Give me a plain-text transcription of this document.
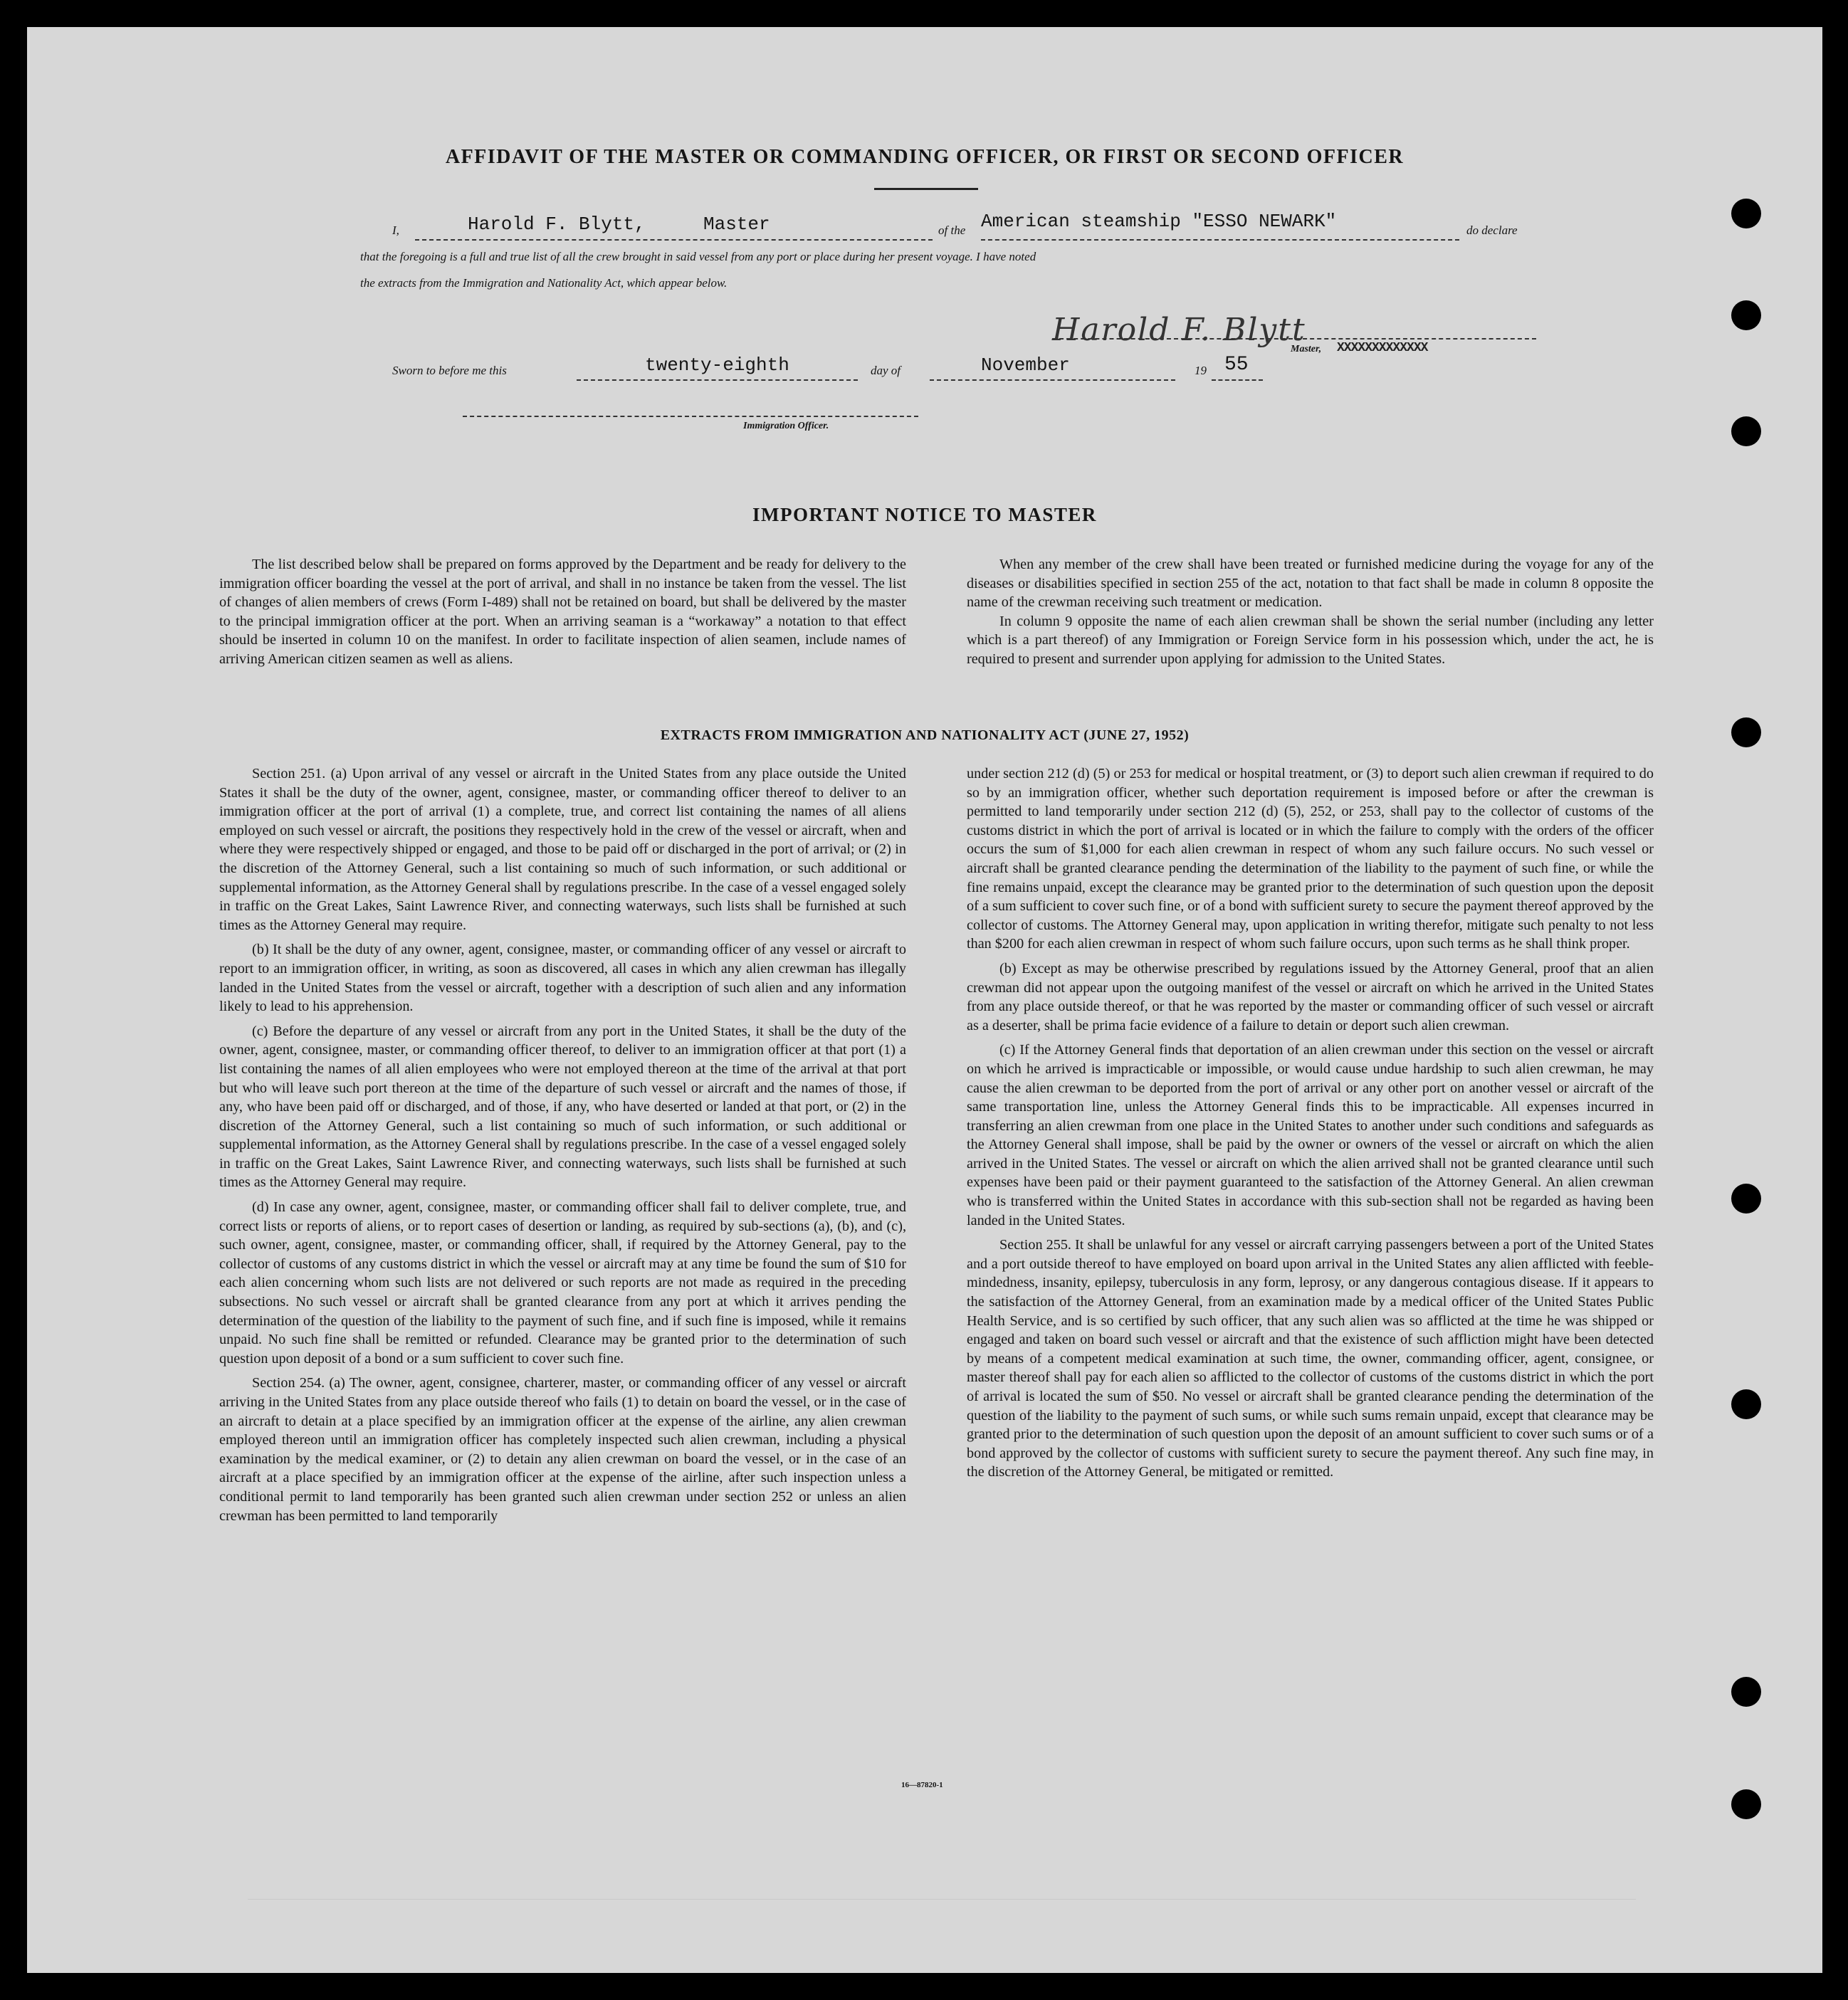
AFFIDAVIT OF THE MASTER OR COMMANDING OFFICER, OR FIRST OR SECOND OFFICER
I,	Harold F. Blytt,	Master	of the American steamship "ESSO NEWARK"	do declare
that the foregoing is a full and true list of all the crew brought in said vessel from any port or place during her present voyage. I have noted
the extracts from the Immigration and Nationality Act, which appear below.
Harold F. Blytt
Master, XXXXXXXXXXXXX
Sworn to before me this	twenty-eighth	day of	November	19 55
Immigration Officer.
IMPORTANT NOTICE TO MASTER

The list described below shall be prepared on forms approved by the Department and be ready for delivery to the immigration officer boarding the vessel at the port of arrival, and shall in no instance be taken from the vessel. The list of changes of alien members of crews (Form I-489) shall not be retained on board, but shall be delivered by the master to the principal immigration officer at the port. When an arriving seaman is a “workaway” a notation to that effect should be inserted in column 10 on the manifest. In order to facilitate inspection of alien seamen, include names of arriving American citizen seamen as well as aliens.

When any member of the crew shall have been treated or furnished medicine during the voyage for any of the diseases or disabilities specified in section 255 of the act, notation to that fact shall be made in column 8 opposite the name of the crewman receiving such treatment or medication.

In column 9 opposite the name of each alien crewman shall be shown the serial number (including any letter which is a part thereof) of any Immigration or Foreign Service form in his possession which, under the act, he is required to present and surrender upon applying for admission to the United States.

EXTRACTS FROM IMMIGRATION AND NATIONALITY ACT (JUNE 27, 1952)

Section 251. (a) Upon arrival of any vessel or aircraft in the United States from any place outside the United States it shall be the duty of the owner, agent, consignee, master, or commanding officer thereof to deliver to an immigration officer at the port of arrival (1) a complete, true, and correct list containing the names of all aliens employed on such vessel or aircraft, the positions they respectively hold in the crew of the vessel or aircraft, when and where they were respectively shipped or engaged, and those to be paid off or discharged in the port of arrival; or (2) in the discretion of the Attorney General, such a list containing so much of such information, or such additional or supplemental information, as the Attorney General shall by regulations prescribe. In the case of a vessel engaged solely in traffic on the Great Lakes, Saint Lawrence River, and connecting waterways, such lists shall be furnished at such times as the Attorney General may require.

(b) It shall be the duty of any owner, agent, consignee, master, or commanding officer of any vessel or aircraft to report to an immigration officer, in writing, as soon as discovered, all cases in which any alien crewman has illegally landed in the United States from the vessel or aircraft, together with a description of such alien and any information likely to lead to his apprehension.

(c) Before the departure of any vessel or aircraft from any port in the United States, it shall be the duty of the owner, agent, consignee, master, or commanding officer thereof, to deliver to an immigration officer at that port (1) a list containing the names of all alien employees who were not employed thereon at the time of the arrival at that port but who will leave such port thereon at the time of the departure of such vessel or aircraft and the names of those, if any, who have been paid off or discharged, and of those, if any, who have deserted or landed at that port, or (2) in the discretion of the Attorney General, such a list containing so much of such information, or such additional or supplemental information, as the Attorney General shall by regulations prescribe. In the case of a vessel engaged solely in traffic on the Great Lakes, Saint Lawrence River, and connecting waterways, such lists shall be furnished at such times as the Attorney General may require.

(d) In case any owner, agent, consignee, master, or commanding officer shall fail to deliver complete, true, and correct lists or reports of aliens, or to report cases of desertion or landing, as required by sub-sections (a), (b), and (c), such owner, agent, consignee, master, or commanding officer, shall, if required by the Attorney General, pay to the collector of customs of any customs district in which the vessel or aircraft may at any time be found the sum of $10 for each alien concerning whom such lists are not delivered or such reports are not made as required in the preceding subsections. No such vessel or aircraft shall be granted clearance from any port at which it arrives pending the determination of the question of the liability to the payment of such fine, and if such fine is imposed, while it remains unpaid. No such fine shall be remitted or refunded. Clearance may be granted prior to the determination of such question upon deposit of a bond or a sum sufficient to cover such fine.

Section 254. (a) The owner, agent, consignee, charterer, master, or commanding officer of any vessel or aircraft arriving in the United States from any place outside thereof who fails (1) to detain on board the vessel, or in the case of an aircraft to detain at a place specified by an immigration officer at the expense of the airline, any alien crewman employed thereon until an immigration officer has completely inspected such alien crewman, including a physical examination by the medical examiner, or (2) to detain any alien crewman on board the vessel, or in the case of an aircraft at a place specified by an immigration officer at the expense of the airline, after such inspection unless a conditional permit to land temporarily has been granted such alien crewman under section 252 or unless an alien crewman has been permitted to land temporarily

under section 212 (d) (5) or 253 for medical or hospital treatment, or (3) to deport such alien crewman if required to do so by an immigration officer, whether such deportation requirement is imposed before or after the crewman is permitted to land temporarily under section 212 (d) (5), 252, or 253, shall pay to the collector of customs of the customs district in which the port of arrival is located or in which the failure to comply with the orders of the officer occurs the sum of $1,000 for each alien crewman in respect of whom any such failure occurs. No such vessel or aircraft shall be granted clearance pending the determination of the liability to the payment of such fine, or while the fine remains unpaid, except the clearance may be granted prior to the determination of such question upon the deposit of a sum sufficient to cover such fine, or of a bond with sufficient surety to secure the payment thereof approved by the collector of customs. The Attorney General may, upon application in writing therefor, mitigate such penalty to not less than $200 for each alien crewman in respect of whom such failure occurs, upon such terms as he shall think proper.

(b) Except as may be otherwise prescribed by regulations issued by the Attorney General, proof that an alien crewman did not appear upon the outgoing manifest of the vessel or aircraft on which he arrived in the United States from any place outside thereof, or that he was reported by the master or commanding officer of such vessel or aircraft as a deserter, shall be prima facie evidence of a failure to detain or deport such alien crewman.

(c) If the Attorney General finds that deportation of an alien crewman under this section on the vessel or aircraft on which he arrived is impracticable or impossible, or would cause undue hardship to such alien crewman, he may cause the alien crewman to be deported from the port of arrival or any other port on another vessel or aircraft of the same transportation line, unless the Attorney General finds this to be impracticable. All expenses incurred in transferring an alien crewman from one place in the United States to another under such conditions and safeguards as the Attorney General shall impose, shall be paid by the owner or owners of the vessel or aircraft on which the alien arrived in the United States. The vessel or aircraft on which the alien arrived shall not be granted clearance until such expenses have been paid or their payment guaranteed to the satisfaction of the Attorney General. An alien crewman who is transferred within the United States in accordance with this sub-section shall not be regarded as having been landed in the United States.

Section 255. It shall be unlawful for any vessel or aircraft carrying passengers between a port of the United States and a port outside thereof to have employed on board upon arrival in the United States any alien afflicted with feeble-mindedness, insanity, epilepsy, tuberculosis in any form, leprosy, or any dangerous contagious disease. If it appears to the satisfaction of the Attorney General, from an examination made by a medical officer of the United States Public Health Service, and is so certified by such officer, that any such alien was so afflicted at the time he was shipped or engaged and taken on board such vessel or aircraft and that the existence of such affliction might have been detected by means of a competent medical examination at such time, the owner, commanding officer, agent, consignee, or master thereof shall pay for each alien so afflicted to the collector of customs of the customs district in which the port of arrival is located the sum of $50. No vessel or aircraft shall be granted clearance pending the determination of the question of the liability to the payment of such sums, or while such sums remain unpaid, except that clearance may be granted prior to the determination of such question upon the deposit of an amount sufficient to cover such sums or of a bond approved by the collector of customs with sufficient surety to secure the payment thereof. Any such fine may, in the discretion of the Attorney General, be mitigated or remitted.

16—87820-1
